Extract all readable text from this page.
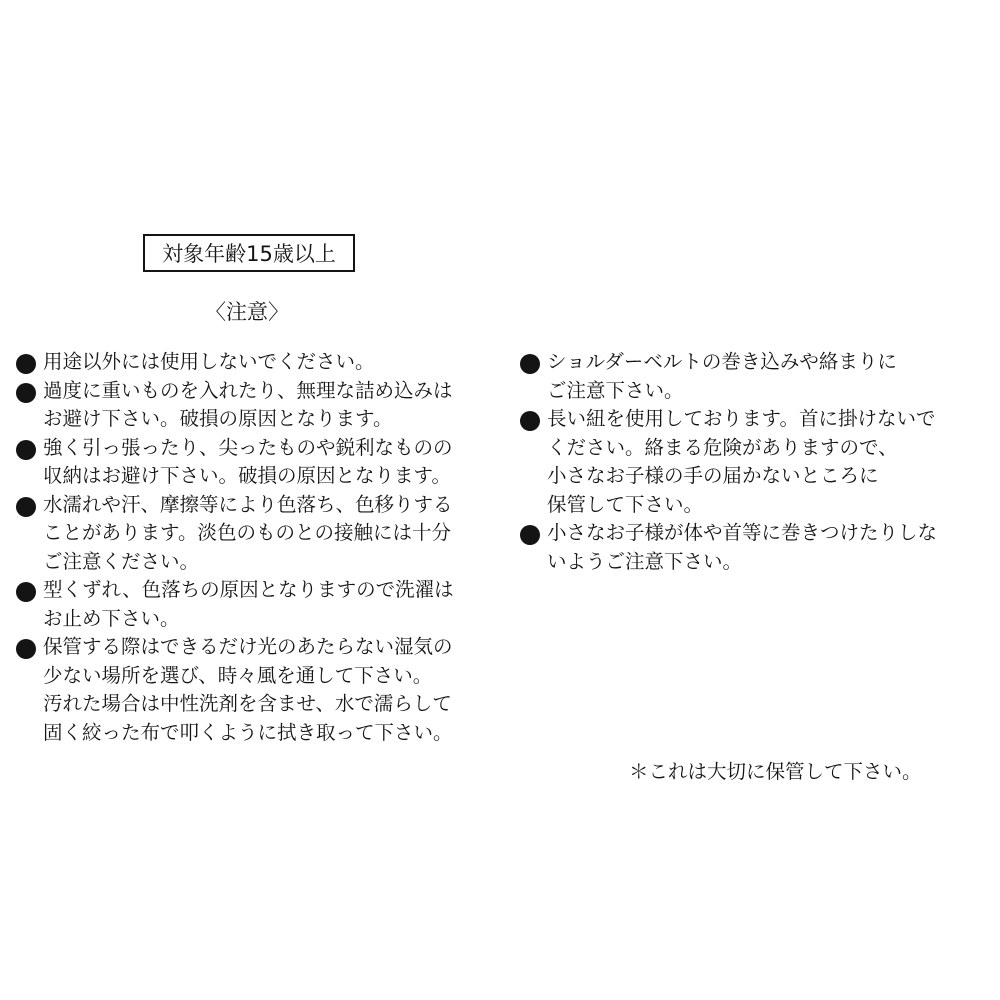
対象年齢15歳以上
〈注意〉
用途以外には使用しないでください。
過度に重いものを入れたり、無理な詰め込みは
お避け下さい。破損の原因となります。
強く引っ張ったり、尖ったものや鋭利なものの
収納はお避け下さい。破損の原因となります。
水濡れや汗、摩擦等により色落ち、色移りする
ことがあります。淡色のものとの接触には十分
ご注意ください。
型くずれ、色落ちの原因となりますので洗濯は
お止め下さい。
保管する際はできるだけ光のあたらない湿気の
少ない場所を選び、時々風を通して下さい。
汚れた場合は中性洗剤を含ませ、水で濡らして
固く絞った布で叩くように拭き取って下さい。
ショルダーベルトの巻き込みや絡まりに
ご注意下さい。
長い紐を使用しております。首に掛けないで
ください。絡まる危険がありますので、
小さなお子様の手の届かないところに
保管して下さい。
小さなお子様が体や首等に巻きつけたりしな
いようご注意下さい。
＊これは大切に保管して下さい。
